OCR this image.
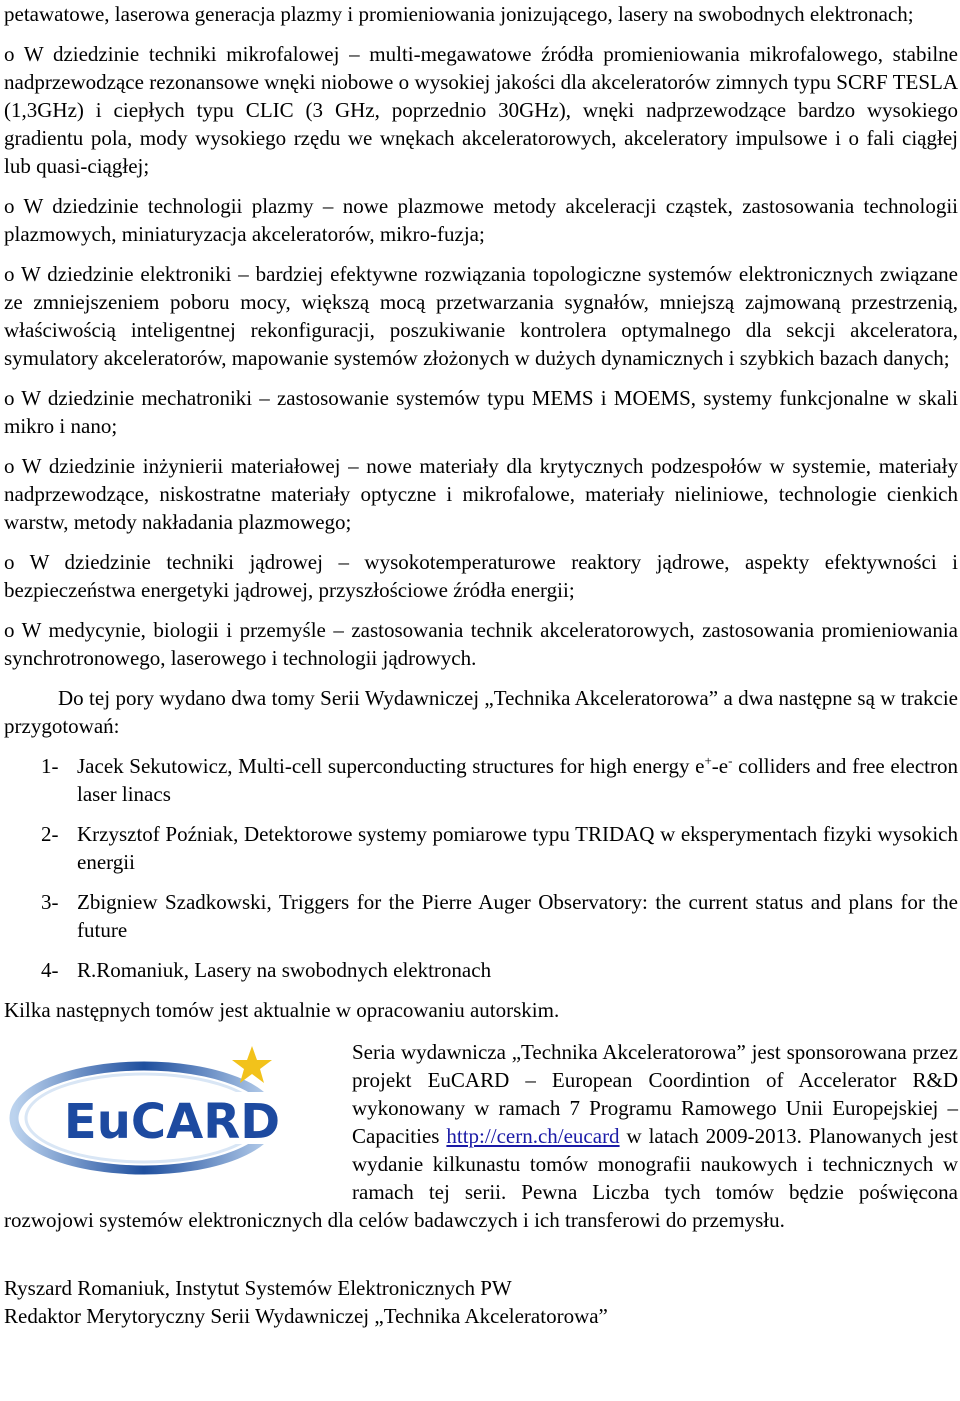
petawatowe, laserowa generacja plazmy i promieniowania jonizującego, lasery na swobodnych elektronach;

o W dziedzinie techniki mikrofalowej – multi-megawatowe źródła promieniowania mikrofalowego, stabilne nadprzewodzące rezonansowe wnęki niobowe o wysokiej jakości dla akceleratorów zimnych typu SCRF TESLA (1,3GHz) i ciepłych typu CLIC (3 GHz, poprzednio 30GHz), wnęki nadprzewodzące bardzo wysokiego gradientu pola, mody wysokiego rzędu we wnękach akceleratorowych, akceleratory impulsowe i o fali ciągłej lub quasi-ciągłej;

o W dziedzinie technologii plazmy – nowe plazmowe metody akceleracji cząstek, zastosowania technologii plazmowych, miniaturyzacja akceleratorów, mikro-fuzja;

o W dziedzinie elektroniki – bardziej efektywne rozwiązania topologiczne systemów elektronicznych związane ze zmniejszeniem poboru mocy, większą mocą przetwarzania sygnałów, mniejszą zajmowaną przestrzenią, właściwością inteligentnej rekonfiguracji, poszukiwanie kontrolera optymalnego dla sekcji akceleratora, symulatory akceleratorów, mapowanie systemów złożonych w dużych dynamicznych i szybkich bazach danych;

o W dziedzinie mechatroniki – zastosowanie systemów typu MEMS i MOEMS, systemy funkcjonalne w skali mikro i nano;

o W dziedzinie inżynierii materiałowej – nowe materiały dla krytycznych podzespołów w systemie, materiały nadprzewodzące, niskostratne materiały optyczne i mikrofalowe, materiały nieliniowe, technologie cienkich warstw, metody nakładania plazmowego;

o W dziedzinie techniki jądrowej – wysokotemperaturowe reaktory jądrowe, aspekty efektywności i bezpieczeństwa energetyki jądrowej, przyszłościowe źródła energii;

o W medycynie, biologii i przemyśle – zastosowania technik akceleratorowych, zastosowania promieniowania synchrotronowego, laserowego i technologii jądrowych.

Do tej pory wydano dwa tomy Serii Wydawniczej „Technika Akceleratorowa” a dwa następne są w trakcie przygotowań:

1- Jacek Sekutowicz, Multi-cell superconducting structures for high energy e+-e- colliders and free electron laser linacs
2- Krzysztof Poźniak, Detektorowe systemy pomiarowe typu TRIDAQ w eksperymentach fizyki wysokich energii
3- Zbigniew Szadkowski, Triggers for the Pierre Auger Observatory: the current status and plans for the future
4- R.Romaniuk, Lasery na swobodnych elektronach

Kilka następnych tomów jest aktualnie w opracowaniu autorskim.

EuCARD

Seria wydawnicza „Technika Akceleratorowa” jest sponsorowana przez projekt EuCARD – European Coordintion of Accelerator R&D wykonowany w ramach 7 Programu Ramowego Unii Europejskiej – Capacities http://cern.ch/eucard w latach 2009-2013. Planowanych jest wydanie kilkunastu tomów monografii naukowych i technicznych w ramach tej serii. Pewna Liczba tych tomów będzie poświęcona rozwojowi systemów elektronicznych dla celów badawczych i ich transferowi do przemysłu.

Ryszard Romaniuk, Instytut Systemów Elektronicznych PW

Redaktor Merytoryczny Serii Wydawniczej „Technika Akceleratorowa”
